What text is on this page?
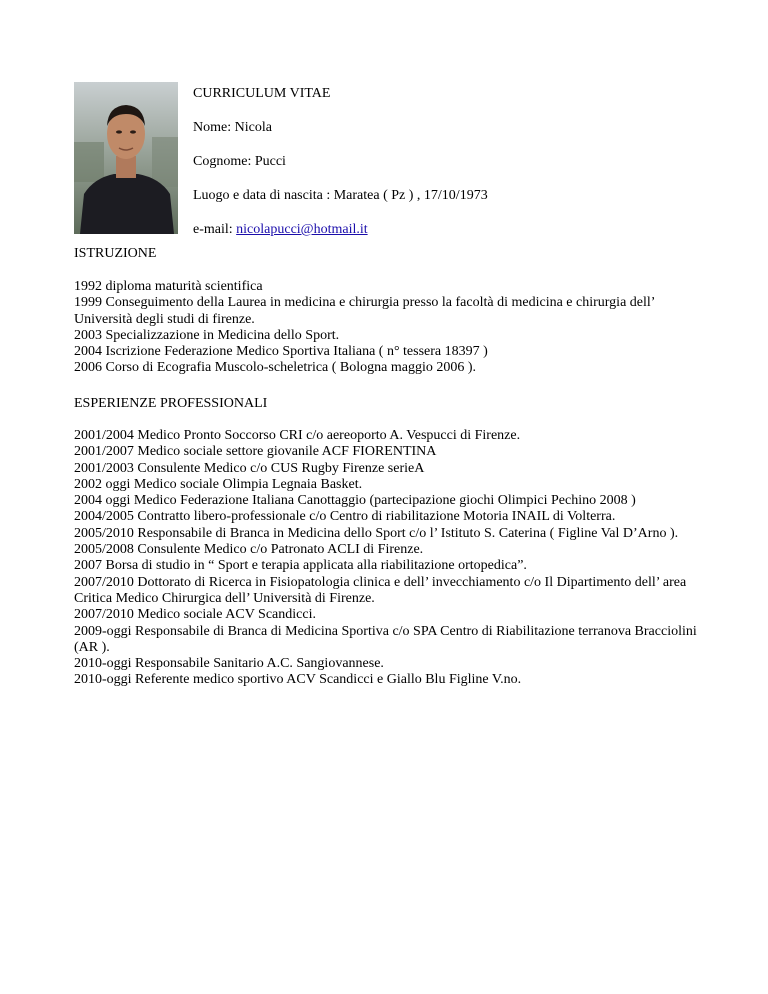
CURRICULUM VITAE

Nome: Nicola

Cognome: Pucci

Luogo e data di nascita : Maratea ( Pz ) , 17/10/1973

e-mail: nicolapucci@hotmail.it

ISTRUZIONE
1992 diploma maturità scientifica
1999 Conseguimento della Laurea in medicina e chirurgia presso la facoltà di medicina e chirurgia dell’ Università degli studi di firenze.
2003 Specializzazione in Medicina dello Sport.
2004 Iscrizione Federazione Medico Sportiva Italiana ( n° tessera 18397 )
2006 Corso di Ecografia Muscolo-scheletrica ( Bologna maggio 2006 ).
ESPERIENZE PROFESSIONALI
2001/2004 Medico Pronto Soccorso CRI c/o aereoporto A. Vespucci di Firenze.
2001/2007 Medico sociale settore giovanile ACF FIORENTINA
2001/2003 Consulente Medico c/o CUS Rugby Firenze serieA
2002 oggi Medico sociale Olimpia Legnaia Basket.
2004 oggi Medico Federazione Italiana Canottaggio (partecipazione giochi Olimpici Pechino 2008 )
2004/2005 Contratto libero-professionale c/o Centro di riabilitazione Motoria INAIL di Volterra.
2005/2010 Responsabile di Branca in Medicina dello Sport c/o l’ Istituto S. Caterina ( Figline Val D’Arno ).
2005/2008 Consulente Medico c/o Patronato ACLI di Firenze.
2007 Borsa di studio in “ Sport e terapia applicata alla riabilitazione ortopedica”.
2007/2010 Dottorato di Ricerca in Fisiopatologia clinica e dell’ invecchiamento c/o Il Dipartimento dell’ area Critica Medico Chirurgica dell’ Università di Firenze.
2007/2010 Medico sociale ACV Scandicci.
2009-oggi Responsabile di Branca di Medicina Sportiva c/o SPA Centro di Riabilitazione terranova Bracciolini (AR ).
2010-oggi Responsabile Sanitario A.C. Sangiovannese.
2010-oggi Referente medico sportivo ACV Scandicci e Giallo Blu Figline V.no.
